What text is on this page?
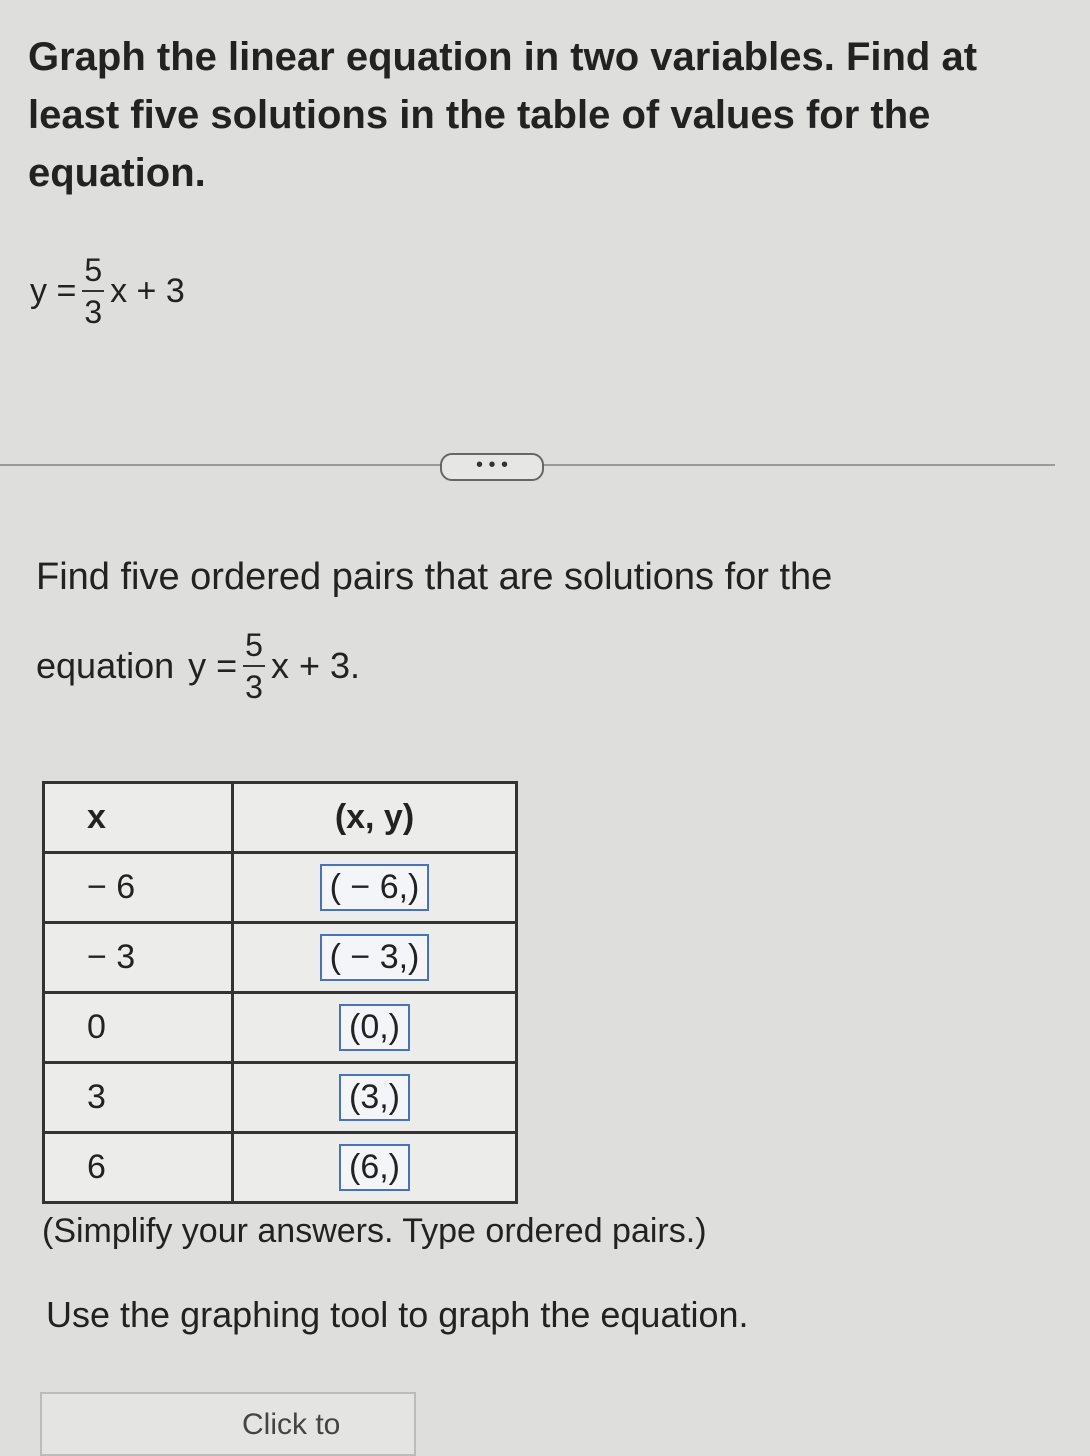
Graph the linear equation in two variables. Find at least five solutions in the table of values for the equation.

$y = \frac{5}{3}$ x + 3
• • •

Find five ordered pairs that are solutions for the

equation $y = \frac{5}{3}$ x + 3.
x	(x, y)
− 6	( − 6,)
− 3	( − 3,)
0	(0,)
3	(3,)
6	(6,)

(Simplify your answers. Type ordered pairs.)

Use the graphing tool to graph the equation.

Click to
